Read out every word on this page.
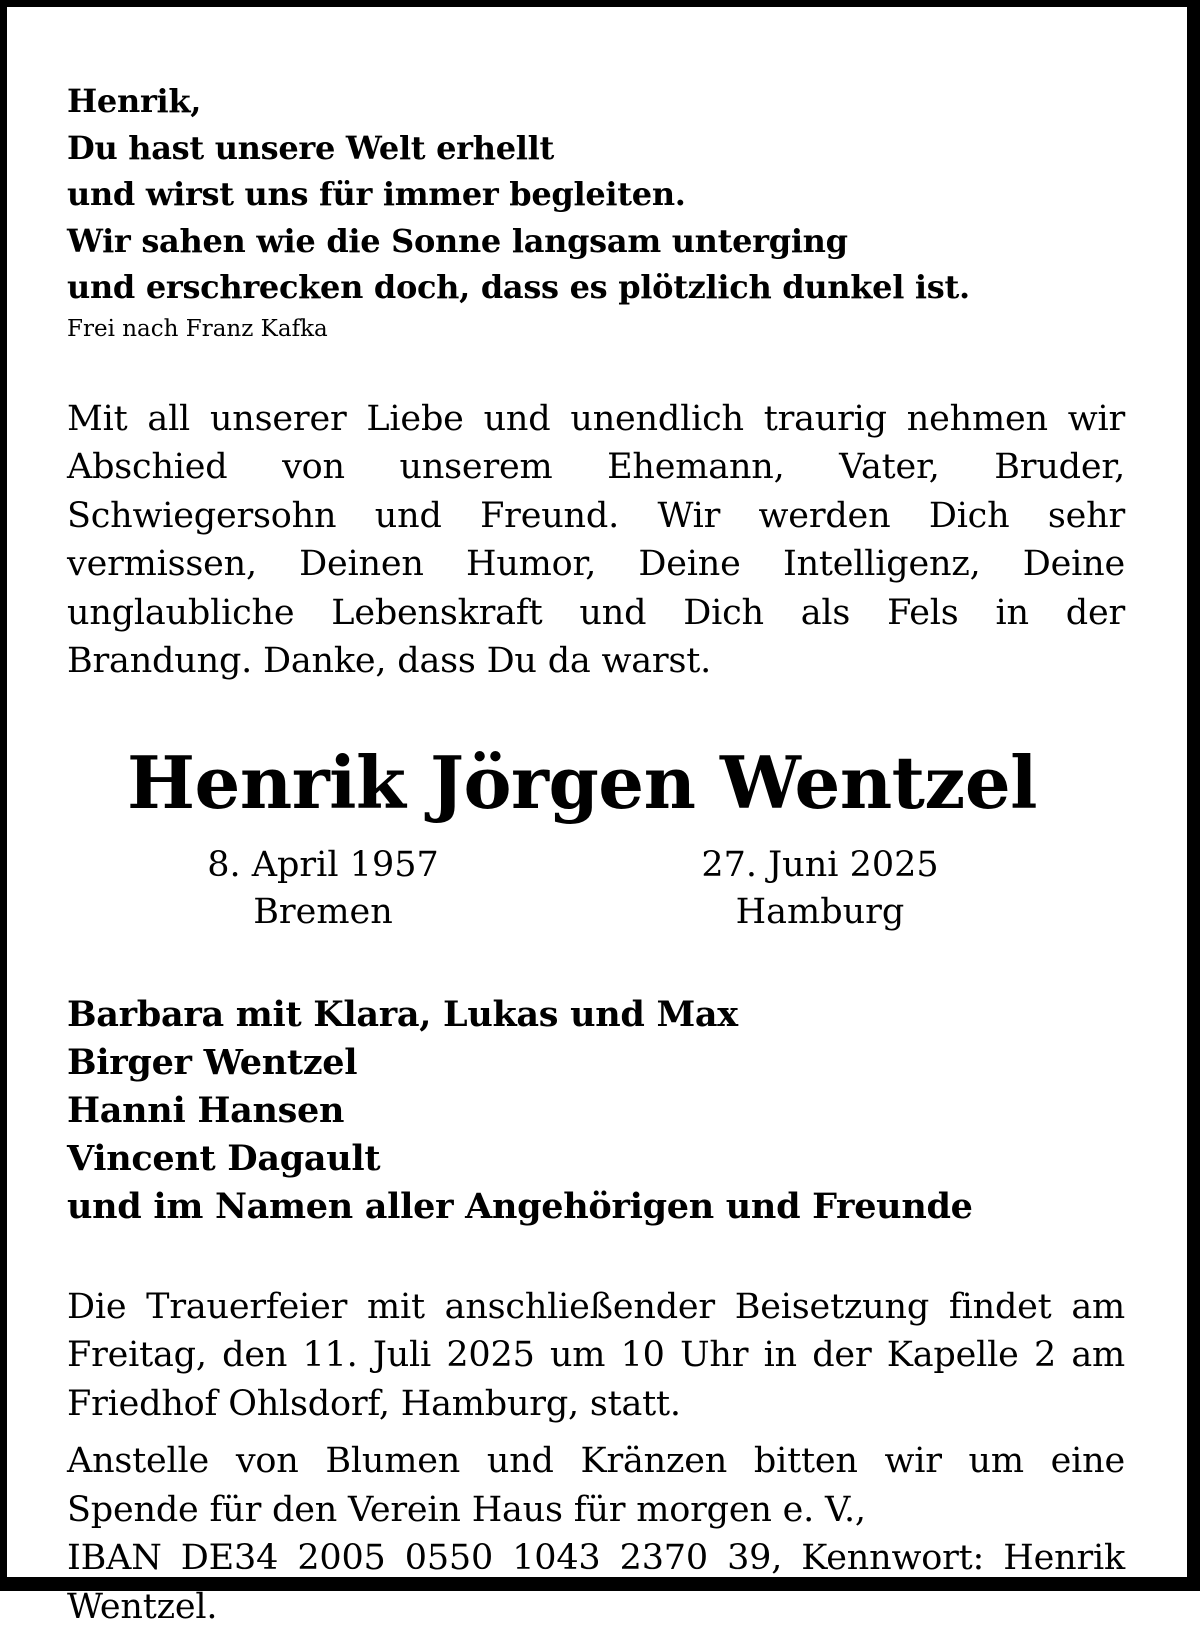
Henrik,
Du hast unsere Welt erhellt
und wirst uns für immer begleiten.
Wir sahen wie die Sonne langsam unterging
und erschrecken doch, dass es plötzlich dunkel ist.
Frei nach Franz Kafka

Mit all unserer Liebe und unendlich traurig nehmen wir Abschied von unserem Ehemann, Vater, Bruder, Schwiegersohn und Freund. Wir werden Dich sehr vermissen, Deinen Humor, Deine Intelligenz, Deine unglaubliche Lebenskraft und Dich als Fels in der Brandung. Danke, dass Du da warst.

Henrik Jörgen Wentzel
8. April 1957
Bremen
27. Juni 2025
Hamburg
Barbara mit Klara, Lukas und Max
Birger Wentzel
Hanni Hansen
Vincent Dagault
und im Namen aller Angehörigen und Freunde

Die Trauerfeier mit anschließender Beisetzung findet am Freitag, den 11. Juli 2025 um 10 Uhr in der Kapelle 2 am Friedhof Ohlsdorf, Hamburg, statt.

Anstelle von Blumen und Kränzen bitten wir um eine Spende für den Verein Haus für morgen e. V.,
IBAN DE34 2005 0550 1043 2370 39, Kennwort: Henrik Wentzel.
